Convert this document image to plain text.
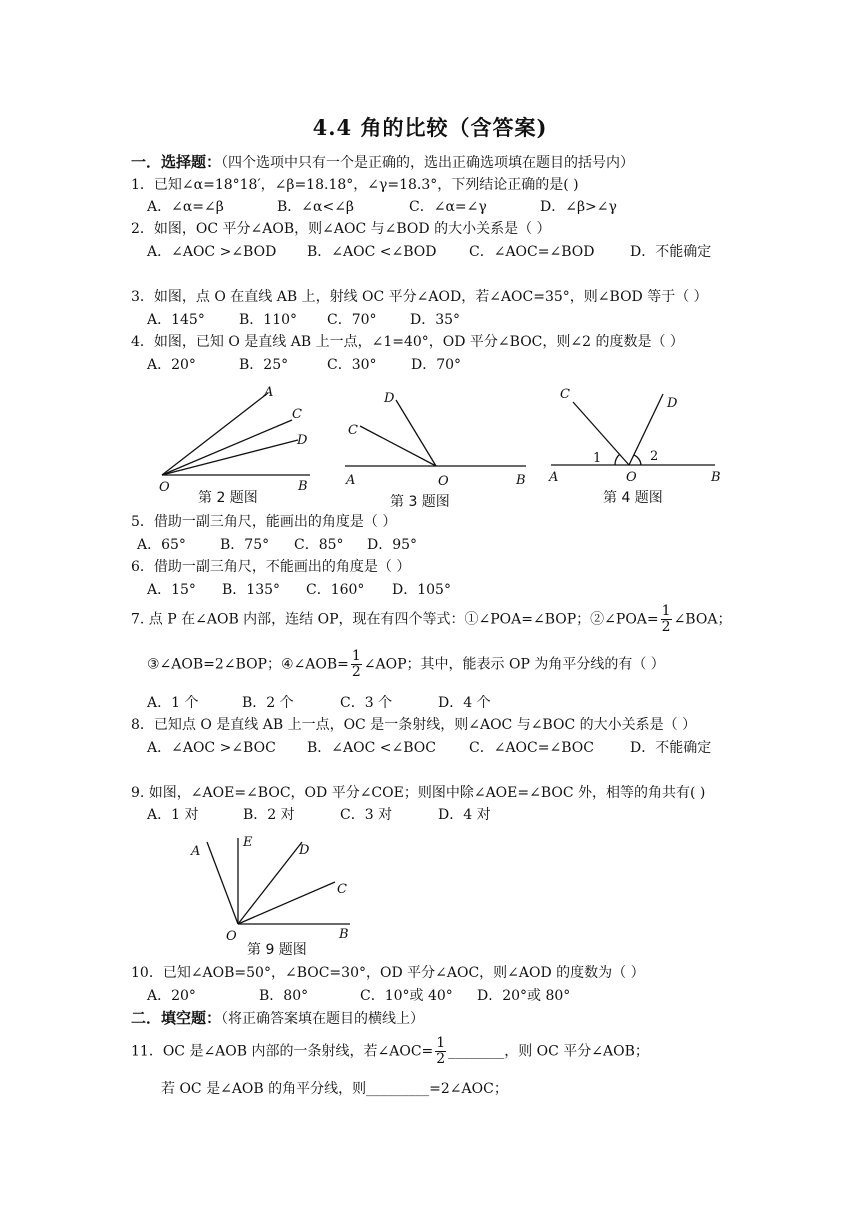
4.4 角的比较（含答案)
一．选择题：（四个选项中只有一个是正确的，选出正确选项填在题目的括号内）
1．已知∠α=18°18′，∠β=18.18°，∠γ=18.3°，下列结论正确的是( )
A．∠α=∠β	B．∠α<∠β	C．∠α=∠γ	D．∠β>∠γ
2．如图，OC 平分∠AOB，则∠AOC 与∠BOD 的大小关系是（ ）
A．∠AOC >∠BOD B．∠AOC <∠BOD C．∠AOC=∠BOD	D．不能确定
3．如图，点 O 在直线 AB 上，射线 OC 平分∠AOD，若∠AOC=35°，则∠BOD 等于（ ）
A．145° B．110° C．70° D．35°
4．如图，已知 O 是直线 AB 上一点，∠1=40°，OD 平分∠BOC，则∠2 的度数是（ ）
A．20°	B．25°	C．30° D．70°
A
C
D
O	B
第 2 题图
D
C
A	O	B
第 3 题图
C
D
1	2
A	O	B
第 4 题图
5．借助一副三角尺，能画出的角度是（ ）
A．65° B．75° C．85° D．95°
6．借助一副三角尺，不能画出的角度是（ ）
A．15° B．135° C．160° D．105°
7. 点 P 在∠AOB 内部，连结 OP，现在有四个等式：①∠POA=∠BOP；②∠POA= $\frac{1}{2}$ ∠BOA；
③∠AOB=2∠BOP；④∠AOB= $\frac{1}{2}$ ∠AOP；其中，能表示 OP 为角平分线的有（ ）
A．1 个	B．2 个	C．3 个	D．4 个
8．已知点 O 是直线 AB 上一点，OC 是一条射线，则∠AOC 与∠BOC 的大小关系是（ ）
A．∠AOC >∠BOC B．∠AOC <∠BOC C．∠AOC=∠BOC	D．不能确定
9. 如图，∠AOE=∠BOC，OD 平分∠COE；则图中除∠AOE=∠BOC 外，相等的角共有( )
A．1 对	B．2 对	C．3 对	D．4 对
A
E
D
C
O	B
第 9 题图
10．已知∠AOB=50°，∠BOC=30°，OD 平分∠AOC，则∠AOD 的度数为（ ）
A．20°	B．80°	C．10°或 40° D．20°或 80°
二．填空题：（将正确答案填在题目的横线上）
11．OC 是∠AOB 内部的一条射线，若∠AOC= $\frac{1}{2}$ ________，则 OC 平分∠AOB；
若 OC 是∠AOB 的角平分线，则_________=2∠AOC；
